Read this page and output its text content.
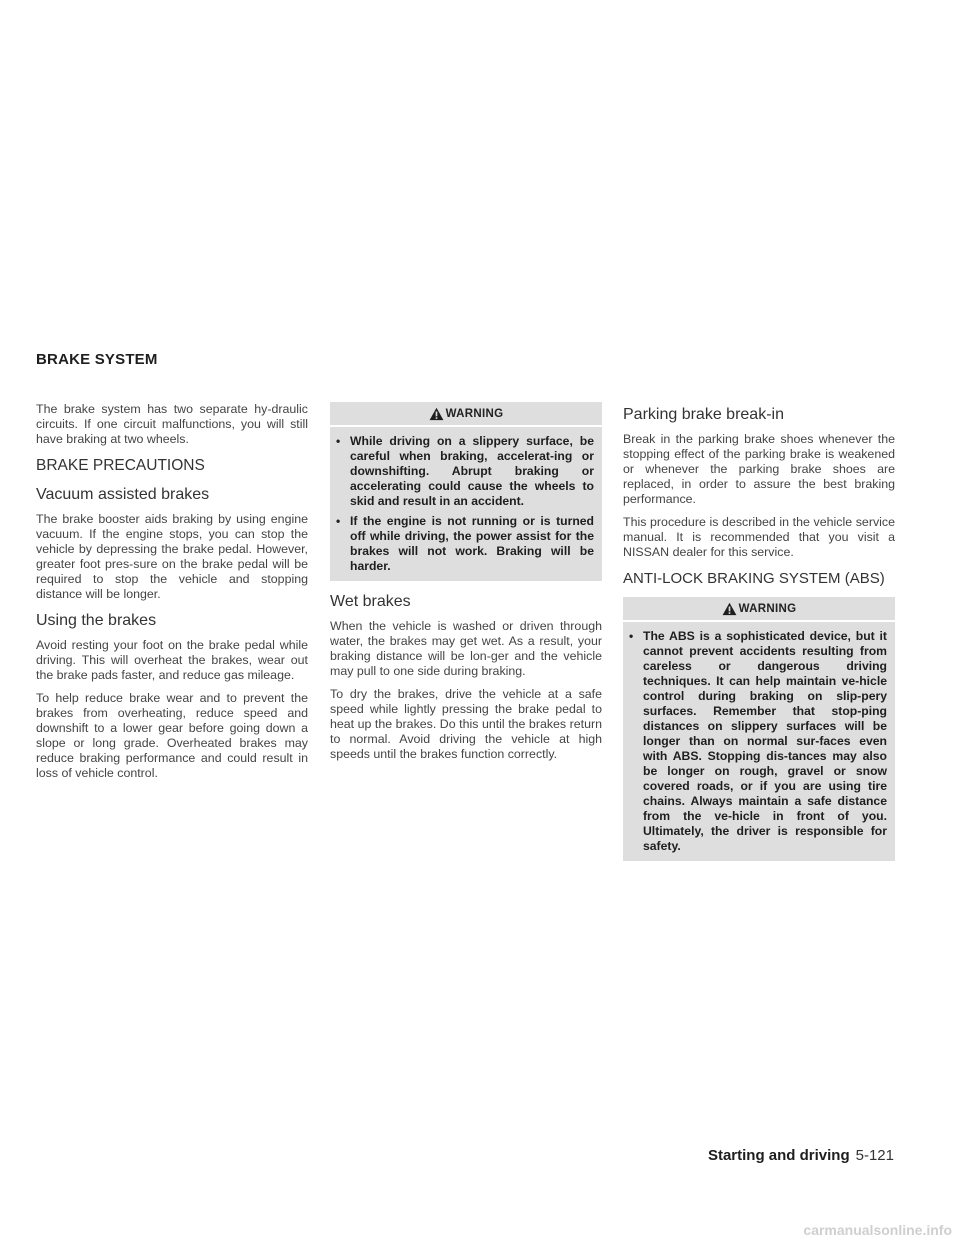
BRAKE SYSTEM

The brake system has two separate hy-draulic circuits. If one circuit malfunctions, you will still have braking at two wheels.

BRAKE PRECAUTIONS
Vacuum assisted brakes

The brake booster aids braking by using engine vacuum. If the engine stops, you can stop the vehicle by depressing the brake pedal. However, greater foot pres-sure on the brake pedal will be required to stop the vehicle and stopping distance will be longer.

Using the brakes

Avoid resting your foot on the brake pedal while driving. This will overheat the brakes, wear out the brake pads faster, and reduce gas mileage.

To help reduce brake wear and to prevent the brakes from overheating, reduce speed and downshift to a lower gear before going down a slope or long grade. Overheated brakes may reduce braking performance and could result in loss of vehicle control.

WARNING
• While driving on a slippery surface, be careful when braking, accelerat-ing or downshifting. Abrupt braking or accelerating could cause the wheels to skid and result in an accident.
• If the engine is not running or is turned off while driving, the power assist for the brakes will not work. Braking will be harder.
Wet brakes

When the vehicle is washed or driven through water, the brakes may get wet. As a result, your braking distance will be lon-ger and the vehicle may pull to one side during braking.

To dry the brakes, drive the vehicle at a safe speed while lightly pressing the brake pedal to heat up the brakes. Do this until the brakes return to normal. Avoid driving the vehicle at high speeds until the brakes function correctly.

Parking brake break-in

Break in the parking brake shoes whenever the stopping effect of the parking brake is weakened or whenever the parking brake shoes are replaced, in order to assure the best braking performance.

This procedure is described in the vehicle service manual. It is recommended that you visit a NISSAN dealer for this service.

ANTI-LOCK BRAKING SYSTEM (ABS)
WARNING
• The ABS is a sophisticated device, but it cannot prevent accidents resulting from careless or dangerous driving techniques. It can help maintain ve-hicle control during braking on slip-pery surfaces. Remember that stop-ping distances on slippery surfaces will be longer than on normal sur-faces even with ABS. Stopping dis-tances may also be longer on rough, gravel or snow covered roads, or if you are using tire chains. Always maintain a safe distance from the ve-hicle in front of you. Ultimately, the driver is responsible for safety.
Starting and driving 5-121
carmanualsonline.info
